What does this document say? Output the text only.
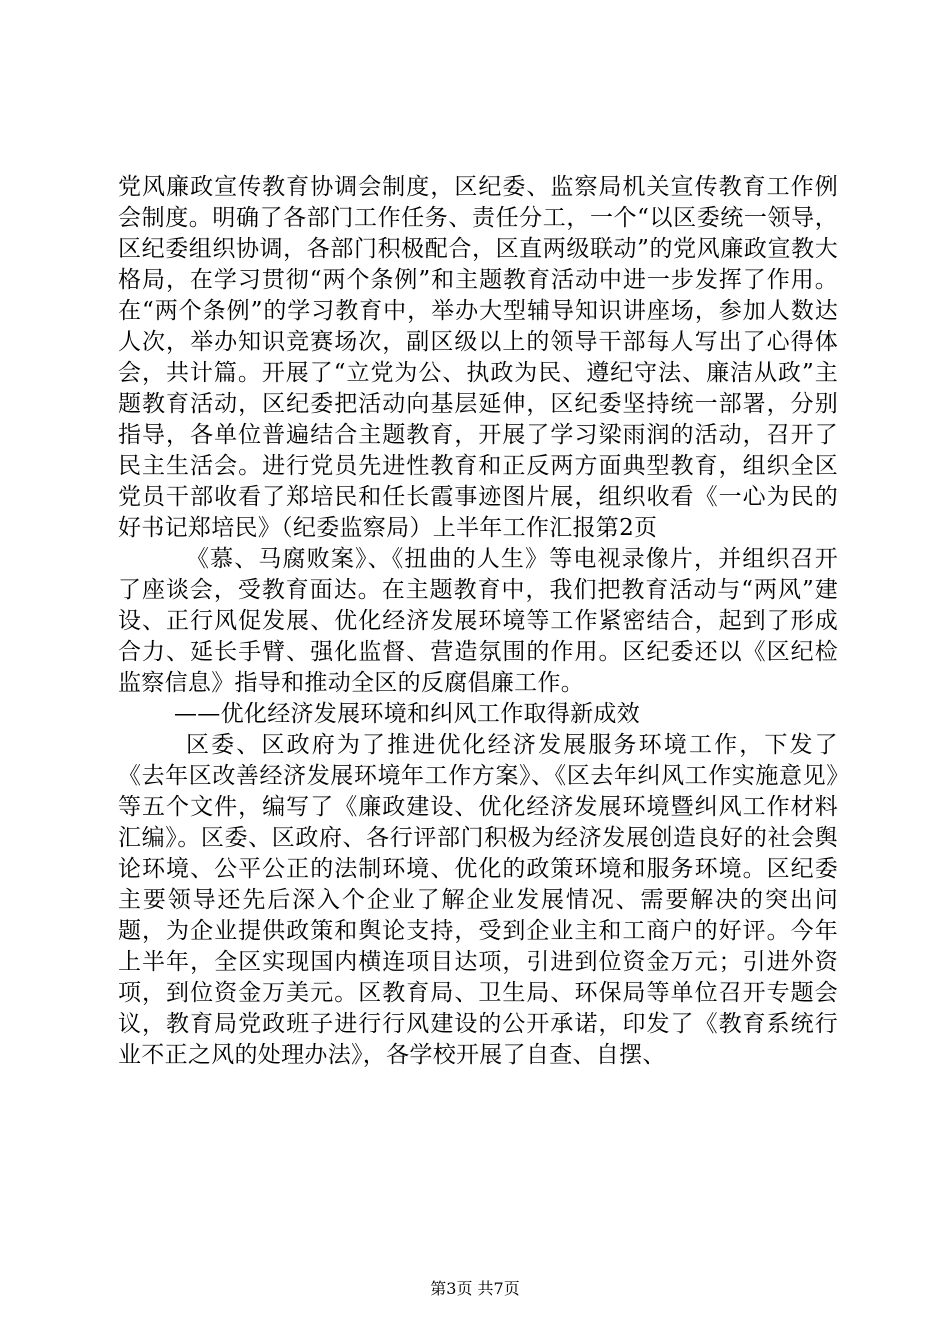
党风廉政宣传教育协调会制度，区纪委、监察局机关宣传教育工作例会制度。明确了各部门工作任务、责任分工，一个“以区委统一领导，区纪委组织协调，各部门积极配合，区直两级联动”的党风廉政宣教大格局，在学习贯彻“两个条例”和主题教育活动中进一步发挥了作用。在“两个条例”的学习教育中，举办大型辅导知识讲座场，参加人数达人次，举办知识竞赛场次，副区级以上的领导干部每人写出了心得体会，共计篇。开展了“立党为公、执政为民、遵纪守法、廉洁从政”主题教育活动，区纪委把活动向基层延伸，区纪委坚持统一部署，分别指导，各单位普遍结合主题教育，开展了学习梁雨润的活动，召开了民主生活会。进行党员先进性教育和正反两方面典型教育，组织全区党员干部收看了郑培民和任长霞事迹图片展，组织收看《一心为民的好书记郑培民》（纪委监察局）上半年工作汇报第2页

《慕、马腐败案》、《扭曲的人生》等电视录像片，并组织召开了座谈会，受教育面达。在主题教育中，我们把教育活动与“两风”建设、正行风促发展、优化经济发展环境等工作紧密结合，起到了形成合力、延长手臂、强化监督、营造氛围的作用。区纪委还以《区纪检监察信息》指导和推动全区的反腐倡廉工作。

——优化经济发展环境和纠风工作取得新成效

区委、区政府为了推进优化经济发展服务环境工作，下发了《去年区改善经济发展环境年工作方案》、《区去年纠风工作实施意见》等五个文件，编写了《廉政建设、优化经济发展环境暨纠风工作材料汇编》。区委、区政府、各行评部门积极为经济发展创造良好的社会舆论环境、公平公正的法制环境、优化的政策环境和服务环境。区纪委主要领导还先后深入个企业了解企业发展情况、需要解决的突出问题，为企业提供政策和舆论支持，受到企业主和工商户的好评。今年上半年，全区实现国内横连项目达项，引进到位资金万元；引进外资项，到位资金万美元。区教育局、卫生局、环保局等单位召开专题会议，教育局党政班子进行行风建设的公开承诺，印发了《教育系统行业不正之风的处理办法》，各学校开展了自查、自摆、

第3页 共7页
